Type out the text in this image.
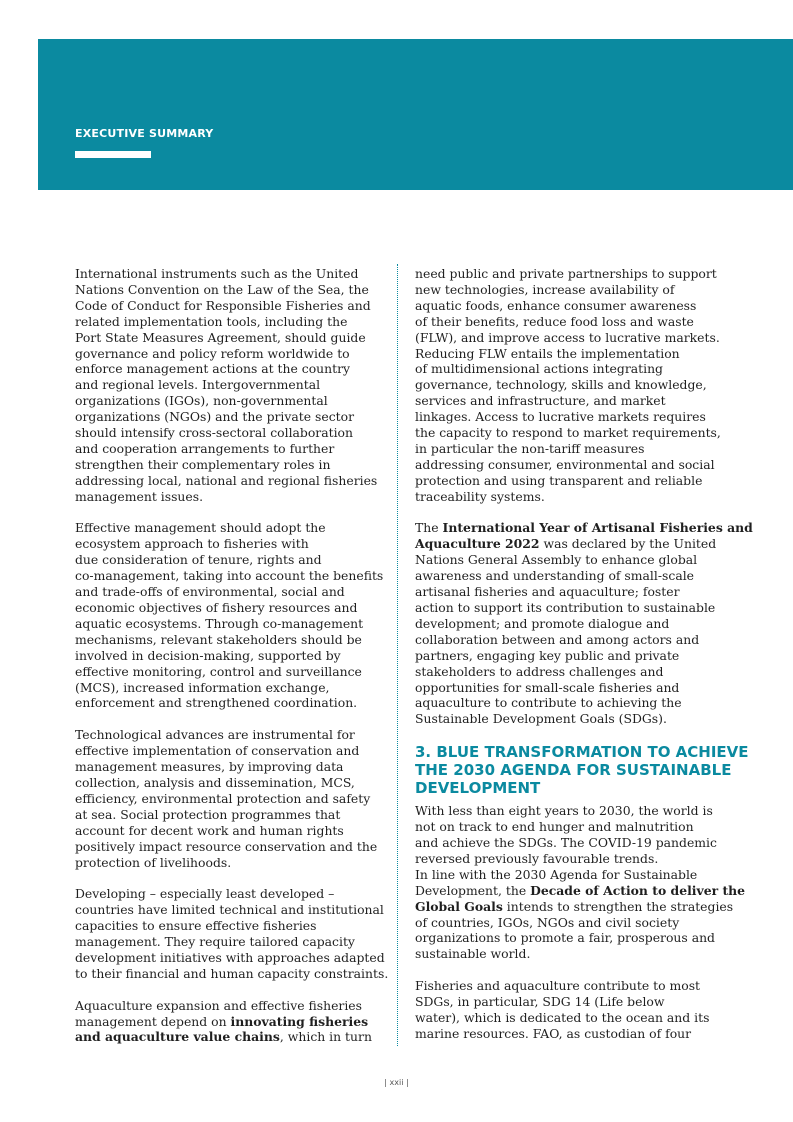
EXECUTIVE SUMMARY

International instruments such as the United
Nations Convention on the Law of the Sea, the
Code of Conduct for Responsible Fisheries and
related implementation tools, including the
Port State Measures Agreement, should guide
governance and policy reform worldwide to
enforce management actions at the country
and regional levels. Intergovernmental
organizations (IGOs), non-governmental
organizations (NGOs) and the private sector
should intensify cross-sectoral collaboration
and cooperation arrangements to further
strengthen their complementary roles in
addressing local, national and regional fisheries
management issues.

Effective management should adopt the
ecosystem approach to fisheries with
due consideration of tenure, rights and
co-management, taking into account the benefits
and trade-offs of environmental, social and
economic objectives of fishery resources and
aquatic ecosystems. Through co-management
mechanisms, relevant stakeholders should be
involved in decision-making, supported by
effective monitoring, control and surveillance
(MCS), increased information exchange,
enforcement and strengthened coordination.

Technological advances are instrumental for
effective implementation of conservation and
management measures, by improving data
collection, analysis and dissemination, MCS,
efficiency, environmental protection and safety
at sea. Social protection programmes that
account for decent work and human rights
positively impact resource conservation and the
protection of livelihoods.

Developing – especially least developed –
countries have limited technical and institutional
capacities to ensure effective fisheries
management. They require tailored capacity
development initiatives with approaches adapted
to their financial and human capacity constraints.

Aquaculture expansion and effective fisheries
management depend on innovating fisheries
and aquaculture value chains, which in turn

need public and private partnerships to support
new technologies, increase availability of
aquatic foods, enhance consumer awareness
of their benefits, reduce food loss and waste
(FLW), and improve access to lucrative markets.
Reducing FLW entails the implementation
of multidimensional actions integrating
governance, technology, skills and knowledge,
services and infrastructure, and market
linkages. Access to lucrative markets requires
the capacity to respond to market requirements,
in particular the non-tariff measures
addressing consumer, environmental and social
protection and using transparent and reliable
traceability systems.

The International Year of Artisanal Fisheries and
Aquaculture 2022 was declared by the United
Nations General Assembly to enhance global
awareness and understanding of small-scale
artisanal fisheries and aquaculture; foster
action to support its contribution to sustainable
development; and promote dialogue and
collaboration between and among actors and
partners, engaging key public and private
stakeholders to address challenges and
opportunities for small-scale fisheries and
aquaculture to contribute to achieving the
Sustainable Development Goals (SDGs).

3. BLUE TRANSFORMATION TO ACHIEVE
THE 2030 AGENDA FOR SUSTAINABLE
DEVELOPMENT

With less than eight years to 2030, the world is
not on track to end hunger and malnutrition
and achieve the SDGs. The COVID-19 pandemic
reversed previously favourable trends.
In line with the 2030 Agenda for Sustainable
Development, the Decade of Action to deliver the
Global Goals intends to strengthen the strategies
of countries, IGOs, NGOs and civil society
organizations to promote a fair, prosperous and
sustainable world.

Fisheries and aquaculture contribute to most
SDGs, in particular, SDG 14 (Life below
water), which is dedicated to the ocean and its
marine resources. FAO, as custodian of four

| xxii |
